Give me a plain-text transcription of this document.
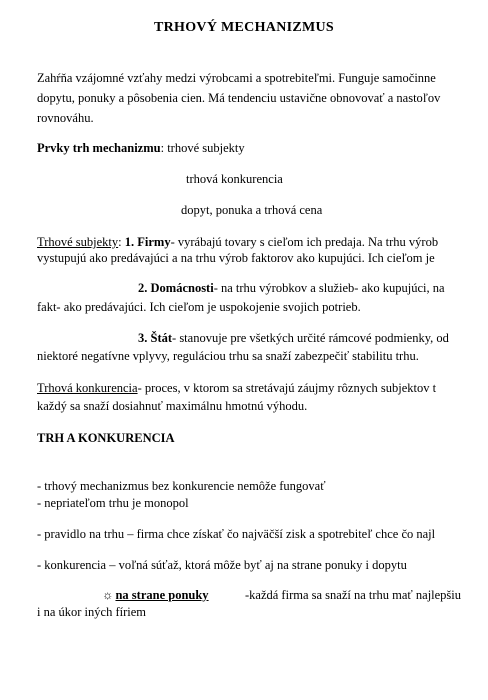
TRHOVÝ MECHANIZMUS
Zahŕňa vzájomné vzťahy medzi výrobcami a spotrebiteľmi. Funguje samočinne
dopytu, ponuky a pôsobenia cien. Má tendenciu ustavične obnovovať a nastoľov
rovnováhu.
Prvky trh mechanizmu: trhové subjekty
trhová konkurencia
dopyt, ponuka a trhová cena
Trhové subjekty: 1. Firmy- vyrábajú tovary s cieľom ich predaja. Na trhu výrob
vystupujú ako predávajúci a na trhu výrob faktorov ako kupujúci. Ich cieľom je
2. Domácnosti- na trhu výrobkov a služieb- ako kupujúci, na
fakt- ako predávajúci. Ich cieľom je uspokojenie svojich potrieb.
3. Štát- stanovuje pre všetkých určité rámcové podmienky, od
niektoré negatívne vplyvy, reguláciou trhu sa snaží zabezpečiť stabilitu trhu.
Trhová konkurencia- proces, v ktorom sa stretávajú záujmy rôznych subjektov t
každý sa snaží dosiahnuť maximálnu hmotnú výhodu.
TRH A KONKURENCIA
- trhový mechanizmus bez konkurencie nemôže fungovať
- nepriateľom trhu je monopol
- pravidlo na trhu – firma chce získať čo najväčší zisk a spotrebiteľ chce čo najl
- konkurencia – voľná súťaž, ktorá môže byť aj na strane ponuky i dopytu
☼ na strane ponuky	-každá firma sa snaží na trhu mať najlepšiu
i na úkor iných fíriem
